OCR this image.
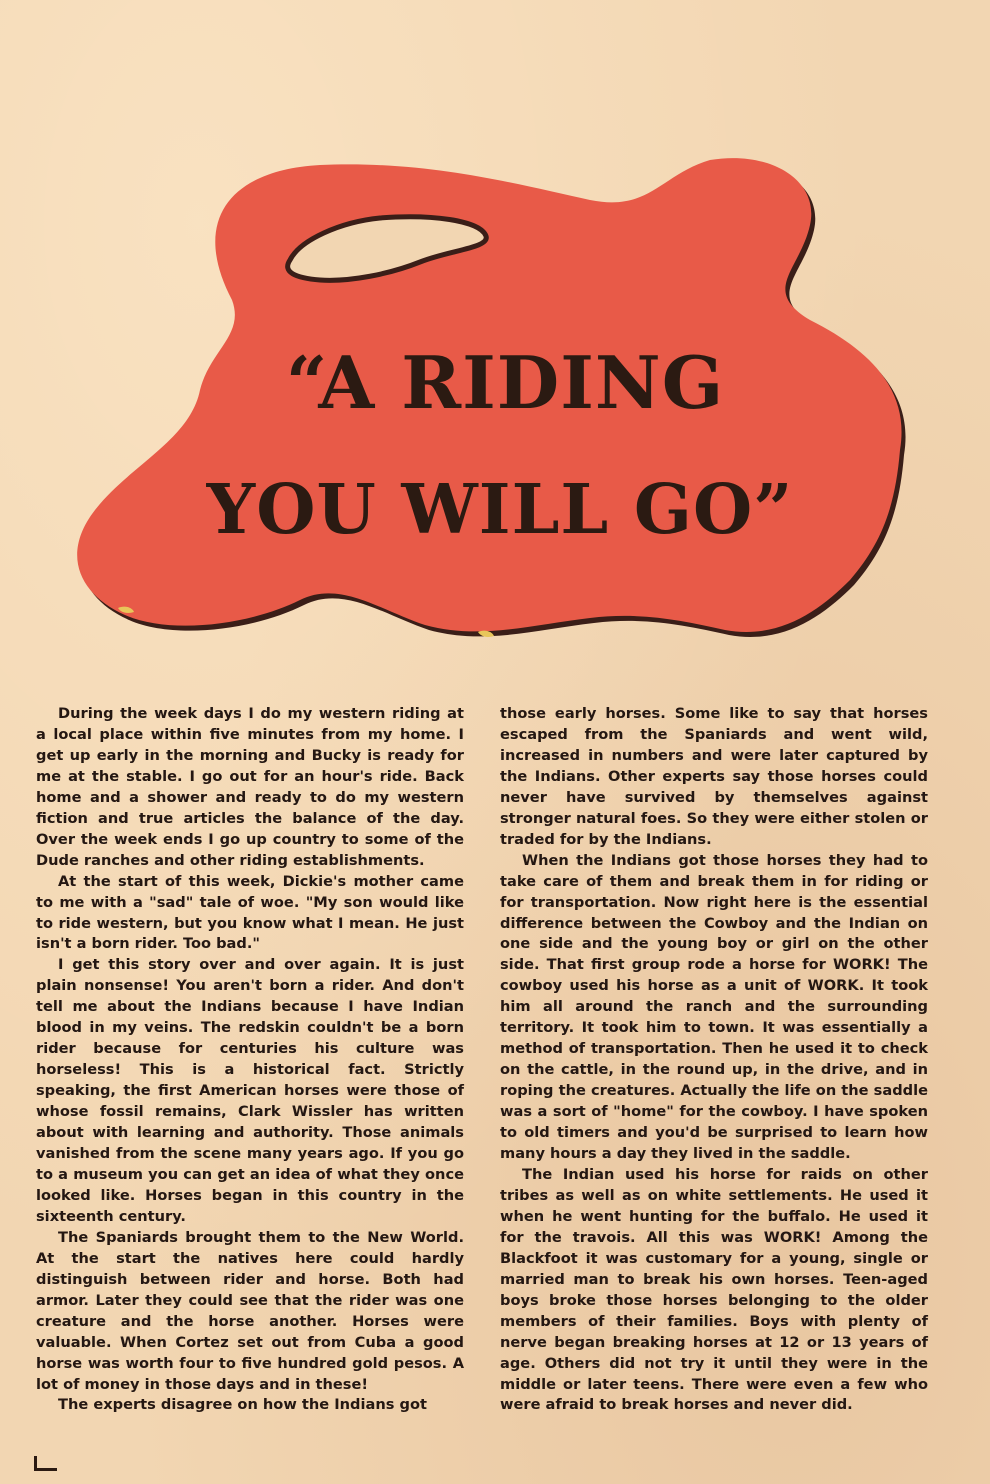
“A RIDING
YOU WILL GO”

During the week days I do my western riding at a local place within five minutes from my home. I get up early in the morning and Bucky is ready for me at the stable. I go out for an hour's ride. Back home and a shower and ready to do my western fiction and true articles the balance of the day. Over the week ends I go up country to some of the Dude ranches and other riding establishments.

At the start of this week, Dickie's mother came to me with a "sad" tale of woe. "My son would like to ride western, but you know what I mean. He just isn't a born rider. Too bad."

I get this story over and over again. It is just plain nonsense! You aren't born a rider. And don't tell me about the Indians because I have Indian blood in my veins. The redskin couldn't be a born rider because for centuries his culture was horseless! This is a historical fact. Strictly speaking, the first American horses were those of whose fossil remains, Clark Wissler has written about with learning and authority. Those animals vanished from the scene many years ago. If you go to a museum you can get an idea of what they once looked like. Horses began in this country in the sixteenth century.

The Spaniards brought them to the New World. At the start the natives here could hardly distinguish between rider and horse. Both had armor. Later they could see that the rider was one creature and the horse another. Horses were valuable. When Cortez set out from Cuba a good horse was worth four to five hundred gold pesos. A lot of money in those days and in these!

The experts disagree on how the Indians got

those early horses. Some like to say that horses escaped from the Spaniards and went wild, increased in numbers and were later captured by the Indians. Other experts say those horses could never have survived by themselves against stronger natural foes. So they were either stolen or traded for by the Indians.

When the Indians got those horses they had to take care of them and break them in for riding or for transportation. Now right here is the essential difference between the Cowboy and the Indian on one side and the young boy or girl on the other side. That first group rode a horse for WORK! The cowboy used his horse as a unit of WORK. It took him all around the ranch and the surrounding territory. It took him to town. It was essentially a method of transportation. Then he used it to check on the cattle, in the round up, in the drive, and in roping the creatures. Actually the life on the saddle was a sort of "home" for the cowboy. I have spoken to old timers and you'd be surprised to learn how many hours a day they lived in the saddle.

The Indian used his horse for raids on other tribes as well as on white settlements. He used it when he went hunting for the buffalo. He used it for the travois. All this was WORK! Among the Blackfoot it was customary for a young, single or married man to break his own horses. Teen-aged boys broke those horses belonging to the older members of their families. Boys with plenty of nerve began breaking horses at 12 or 13 years of age. Others did not try it until they were in the middle or later teens. There were even a few who were afraid to break horses and never did.
